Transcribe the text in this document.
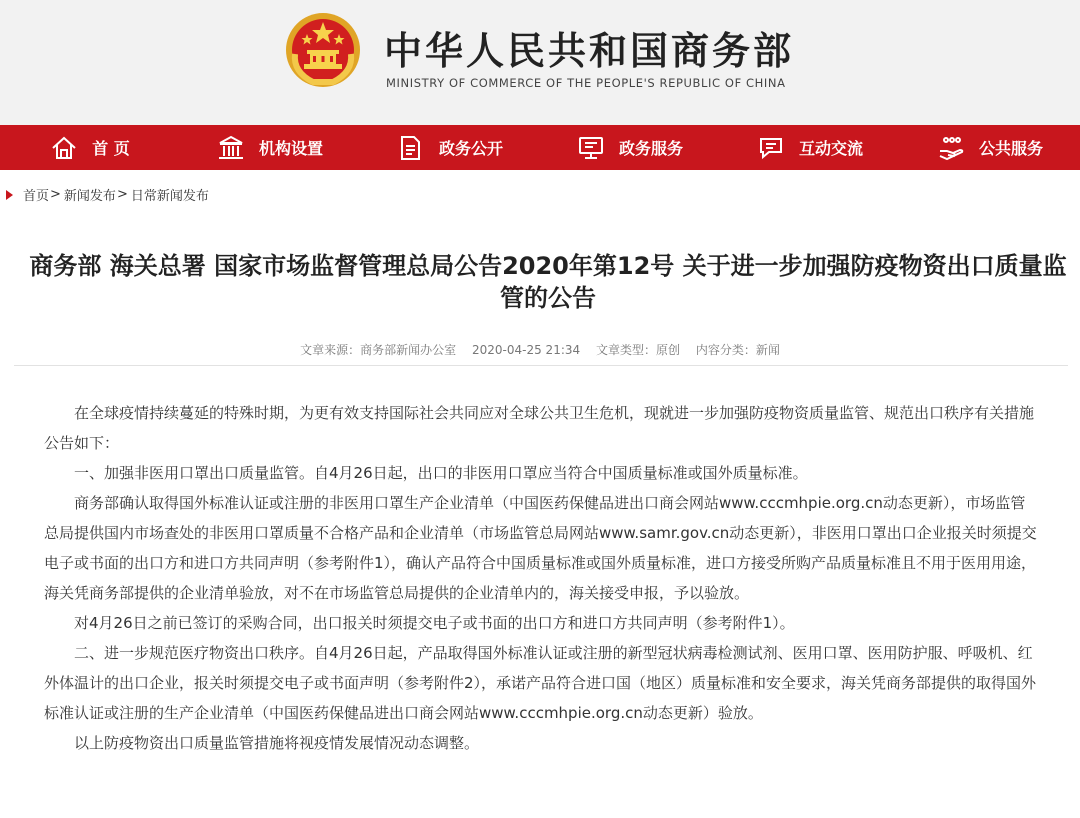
中华人民共和国商务部
MINISTRY OF COMMERCE OF THE PEOPLE'S REPUBLIC OF CHINA
首 页	机构设置	政务公开	政务服务	互动交流	公共服务
首页 > 新闻发布 > 日常新闻发布
商务部 海关总署 国家市场监督管理总局公告2020年第12号 关于进一步加强防疫物资出口质量监管的公告
文章来源：商务部新闻办公室 2020-04-25 21:34 文章类型：原创 内容分类：新闻

在全球疫情持续蔓延的特殊时期，为更有效支持国际社会共同应对全球公共卫生危机，现就进一步加强防疫物资质量监管、规范出口秩序有关措施公告如下：

一、加强非医用口罩出口质量监管。自4月26日起，出口的非医用口罩应当符合中国质量标准或国外质量标准。

商务部确认取得国外标准认证或注册的非医用口罩生产企业清单（中国医药保健品进出口商会网站www.cccmhpie.org.cn动态更新），市场监管总局提供国内市场查处的非医用口罩质量不合格产品和企业清单（市场监管总局网站www.samr.gov.cn动态更新），非医用口罩出口企业报关时须提交电子或书面的出口方和进口方共同声明（参考附件1），确认产品符合中国质量标准或国外质量标准，进口方接受所购产品质量标准且不用于医用用途，海关凭商务部提供的企业清单验放，对不在市场监管总局提供的企业清单内的，海关接受申报，予以验放。

对4月26日之前已签订的采购合同，出口报关时须提交电子或书面的出口方和进口方共同声明（参考附件1）。

二、进一步规范医疗物资出口秩序。自4月26日起，产品取得国外标准认证或注册的新型冠状病毒检测试剂、医用口罩、医用防护服、呼吸机、红外体温计的出口企业，报关时须提交电子或书面声明（参考附件2），承诺产品符合进口国（地区）质量标准和安全要求，海关凭商务部提供的取得国外标准认证或注册的生产企业清单（中国医药保健品进出口商会网站www.cccmhpie.org.cn动态更新）验放。

以上防疫物资出口质量监管措施将视疫情发展情况动态调整。
